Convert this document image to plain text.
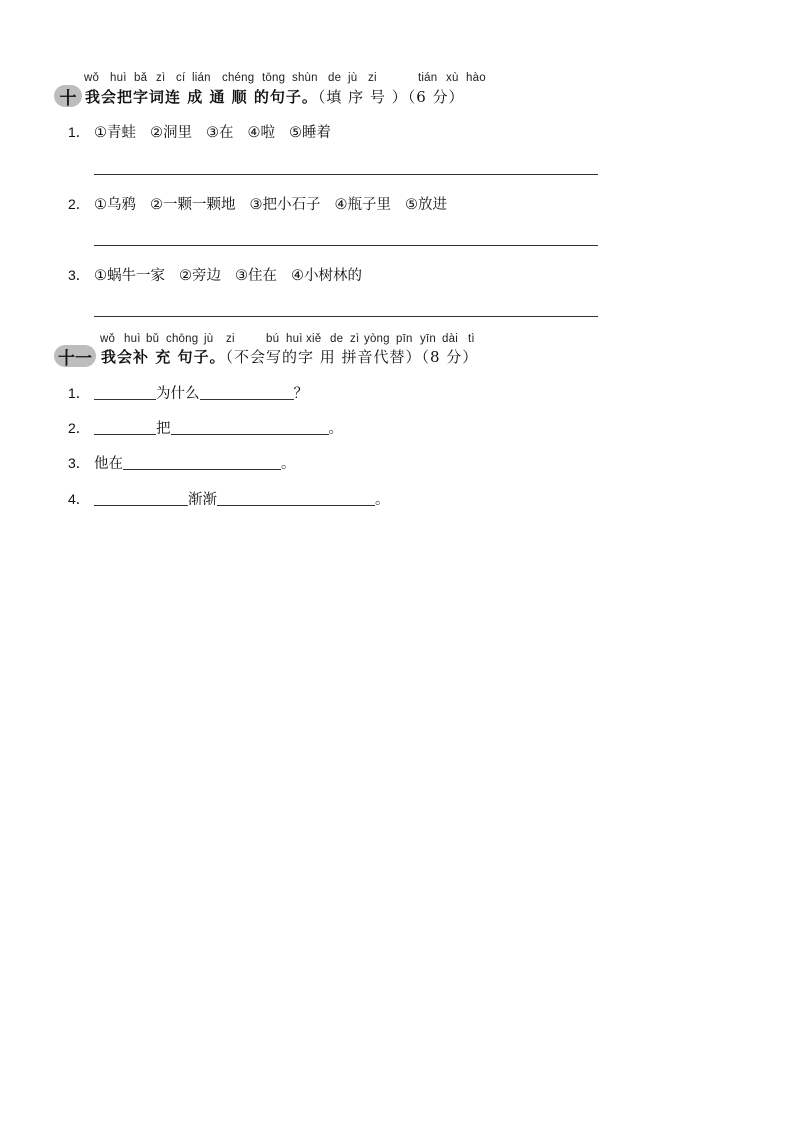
wǒ huì bǎ zì cí lián chéng tōng shùn de jù zi	tián xù hào
十 我会把字词连 成 通 顺 的句子。（填 序 号 ）（6 分）
1． ①青蛙 ②洞里 ③在 ④啦 ⑤睡着
2． ①乌鸦 ②一颗一颗地 ③把小石子 ④瓶子里 ⑤放进
3． ①蜗牛一家 ②旁边 ③住在 ④小树林的
wǒ huì bǔ chōng jù zi	bú huì xiě de zì yòng pīn yīn dài tì
十一 我会补 充 句子。（不会写的字 用 拼音代替）（8 分）
1．	为什么	？
2．	把	。
3． 他在	。
4．	渐渐	。
